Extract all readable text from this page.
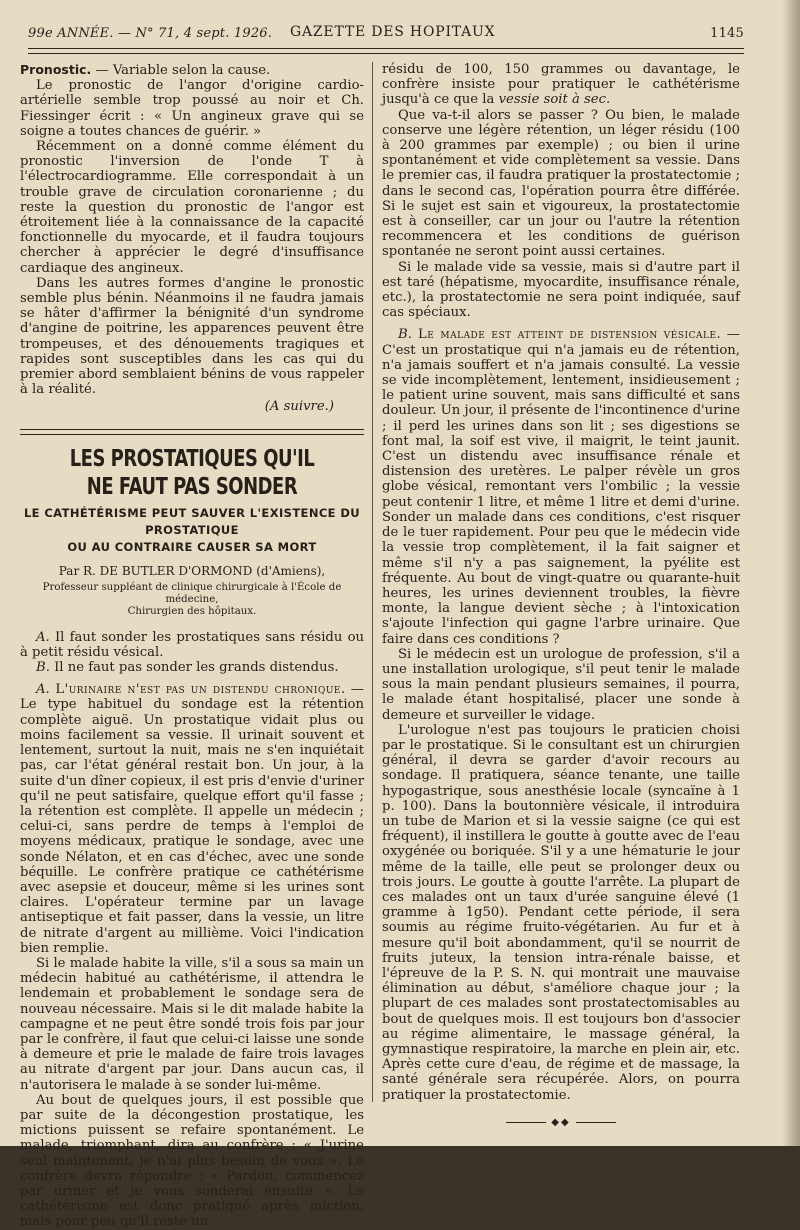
99e ANNÉE. — N° 71, 4 sept. 1926. GAZETTE DES HOPITAUX	1145

Pronostic. — Variable selon la cause.

Le pronostic de l'angor d'origine cardio-artérielle semble trop poussé au noir et Ch. Fiessinger écrit : « Un angineux grave qui se soigne a toutes chances de guérir. »

Récemment on a donné comme élément du pronostic l'inversion de l'onde T à l'électrocardiogramme. Elle correspondait à un trouble grave de circulation coronarienne ; du reste la question du pronostic de l'angor est étroitement liée à la connaissance de la capacité fonctionnelle du myocarde, et il faudra toujours chercher à apprécier le degré d'insuffisance cardiaque des angineux.

Dans les autres formes d'angine le pronostic semble plus bénin. Néanmoins il ne faudra jamais se hâter d'affirmer la bénignité d'un syndrome d'angine de poitrine, les apparences peuvent être trompeuses, et des dénouements tragiques et rapides sont susceptibles dans les cas qui du premier abord semblaient bénins de vous rappeler à la réalité.

(A suivre.)

LES PROSTATIQUES QU'IL NE FAUT PAS SONDER
LE CATHÉTÉRISME PEUT SAUVER L'EXISTENCE DU PROSTATIQUE
OU AU CONTRAIRE CAUSER SA MORT
Par R. DE BUTLER D'ORMOND (d'Amiens),
Professeur suppléant de clinique chirurgicale à l'École de médecine,
Chirurgien des hôpitaux.

A. Il faut sonder les prostatiques sans résidu ou à petit résidu vésical.

B. Il ne faut pas sonder les grands distendus.

A. L'urinaire n'est pas un distendu chronique. — Le type habituel du sondage est la rétention complète aiguë. Un prostatique vidait plus ou moins facilement sa vessie. Il urinait souvent et lentement, surtout la nuit, mais ne s'en inquiétait pas, car l'état général restait bon. Un jour, à la suite d'un dîner copieux, il est pris d'envie d'uriner qu'il ne peut satisfaire, quelque effort qu'il fasse ; la rétention est complète. Il appelle un médecin ; celui-ci, sans perdre de temps à l'emploi de moyens médicaux, pratique le sondage, avec une sonde Nélaton, et en cas d'échec, avec une sonde béquille. Le confrère pratique ce cathétérisme avec asepsie et douceur, même si les urines sont claires. L'opérateur termine par un lavage antiseptique et fait passer, dans la vessie, un litre de nitrate d'argent au millième. Voici l'indication bien remplie.

Si le malade habite la ville, s'il a sous sa main un médecin habitué au cathétérisme, il attendra le lendemain et probablement le sondage sera de nouveau nécessaire. Mais si le dit malade habite la campagne et ne peut être sondé trois fois par jour par le confrère, il faut que celui-ci laisse une sonde à demeure et prie le malade de faire trois lavages au nitrate d'argent par jour. Dans aucun cas, il n'autorisera le malade à se sonder lui-même.

Au bout de quelques jours, il est possible que par suite de la décongestion prostatique, les mictions puissent se refaire spontanément. Le malade, triomphant, dira au confrère : « J'urine seul maintenant, je n'ai plus besoin de vous ». Le confrère devra répondre : « Pardon, commencez par uriner et je vous sonderai ensuite ». Le cathétérisme est donc pratiqué après miction, mais pour peu qu'il reste un

résidu de 100, 150 grammes ou davantage, le confrère insiste pour pratiquer le cathétérisme jusqu'à ce que la vessie soit à sec.

Que va-t-il alors se passer ? Ou bien, le malade conserve une légère rétention, un léger résidu (100 à 200 grammes par exemple) ; ou bien il urine spontanément et vide complètement sa vessie. Dans le premier cas, il faudra pratiquer la prostatectomie ; dans le second cas, l'opération pourra être différée. Si le sujet est sain et vigoureux, la prostatectomie est à conseiller, car un jour ou l'autre la rétention recommencera et les conditions de guérison spontanée ne seront point aussi certaines.

Si le malade vide sa vessie, mais si d'autre part il est taré (hépatisme, myocardite, insuffisance rénale, etc.), la prostatectomie ne sera point indiquée, sauf cas spéciaux.

B. Le malade est atteint de distension vésicale. — C'est un prostatique qui n'a jamais eu de rétention, n'a jamais souffert et n'a jamais consulté. La vessie se vide incomplètement, lentement, insidieusement ; le patient urine souvent, mais sans difficulté et sans douleur. Un jour, il présente de l'incontinence d'urine ; il perd les urines dans son lit ; ses digestions se font mal, la soif est vive, il maigrit, le teint jaunit. C'est un distendu avec insuffisance rénale et distension des uretères. Le palper révèle un gros globe vésical, remontant vers l'ombilic ; la vessie peut contenir 1 litre, et même 1 litre et demi d'urine. Sonder un malade dans ces conditions, c'est risquer de le tuer rapidement. Pour peu que le médecin vide la vessie trop complètement, il la fait saigner et même s'il n'y a pas saignement, la pyélite est fréquente. Au bout de vingt-quatre ou quarante-huit heures, les urines deviennent troubles, la fièvre monte, la langue devient sèche ; à l'intoxication s'ajoute l'infection qui gagne l'arbre urinaire. Que faire dans ces conditions ?

Si le médecin est un urologue de profession, s'il a une installation urologique, s'il peut tenir le malade sous la main pendant plusieurs semaines, il pourra, le malade étant hospitalisé, placer une sonde à demeure et surveiller le vidage.

L'urologue n'est pas toujours le praticien choisi par le prostatique. Si le consultant est un chirurgien général, il devra se garder d'avoir recours au sondage. Il pratiquera, séance tenante, une taille hypogastrique, sous anesthésie locale (syncaïne à 1 p. 100). Dans la boutonnière vésicale, il introduira un tube de Marion et si la vessie saigne (ce qui est fréquent), il instillera le goutte à goutte avec de l'eau oxygénée ou boriquée. S'il y a une hématurie le jour même de la taille, elle peut se prolonger deux ou trois jours. Le goutte à goutte l'arrête. La plupart de ces malades ont un taux d'urée sanguine élevé (1 gramme à 1g50). Pendant cette période, il sera soumis au régime fruito-végétarien. Au fur et à mesure qu'il boit abondamment, qu'il se nourrit de fruits juteux, la tension intra-rénale baisse, et l'épreuve de la P. S. N. qui montrait une mauvaise élimination au début, s'améliore chaque jour ; la plupart de ces malades sont prostatectomisables au bout de quelques mois. Il est toujours bon d'associer au régime alimentaire, le massage général, la gymnastique respiratoire, la marche en plein air, etc. Après cette cure d'eau, de régime et de massage, la santé générale sera récupérée. Alors, on pourra pratiquer la prostatectomie.

◆◆
